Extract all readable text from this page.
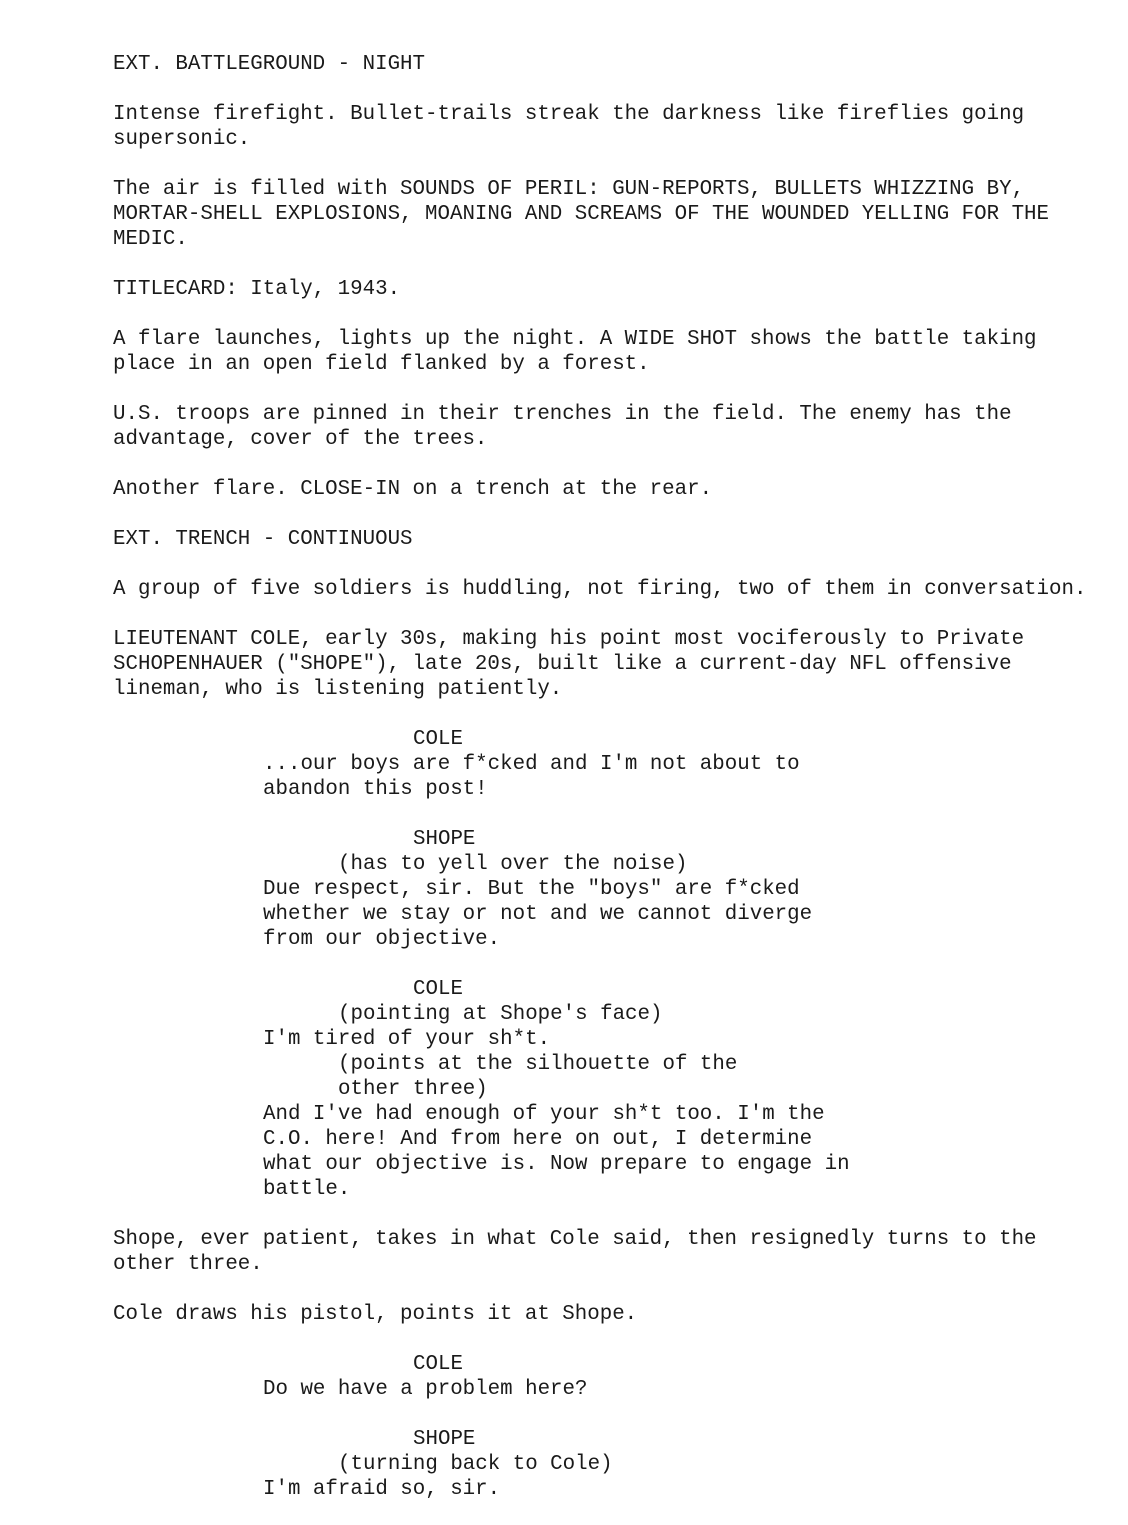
EXT. BATTLEGROUND - NIGHT
Intense firefight. Bullet-trails streak the darkness like fireflies going
supersonic.
The air is filled with SOUNDS OF PERIL: GUN-REPORTS, BULLETS WHIZZING BY,
MORTAR-SHELL EXPLOSIONS, MOANING AND SCREAMS OF THE WOUNDED YELLING FOR THE
MEDIC.
TITLECARD: Italy, 1943.
A flare launches, lights up the night. A WIDE SHOT shows the battle taking
place in an open field flanked by a forest.
U.S. troops are pinned in their trenches in the field. The enemy has the
advantage, cover of the trees.
Another flare. CLOSE-IN on a trench at the rear.
EXT. TRENCH - CONTINUOUS
A group of five soldiers is huddling, not firing, two of them in conversation.
LIEUTENANT COLE, early 30s, making his point most vociferously to Private
SCHOPENHAUER ("SHOPE"), late 20s, built like a current-day NFL offensive
lineman, who is listening patiently.
COLE
...our boys are f*cked and I'm not about to
abandon this post!
SHOPE
(has to yell over the noise)
Due respect, sir. But the "boys" are f*cked
whether we stay or not and we cannot diverge
from our objective.
COLE
(pointing at Shope's face)
I'm tired of your sh*t.
(points at the silhouette of the
other three)
And I've had enough of your sh*t too. I'm the
C.O. here! And from here on out, I determine
what our objective is. Now prepare to engage in
battle.
Shope, ever patient, takes in what Cole said, then resignedly turns to the
other three.
Cole draws his pistol, points it at Shope.
COLE
Do we have a problem here?
SHOPE
(turning back to Cole)
I'm afraid so, sir.
